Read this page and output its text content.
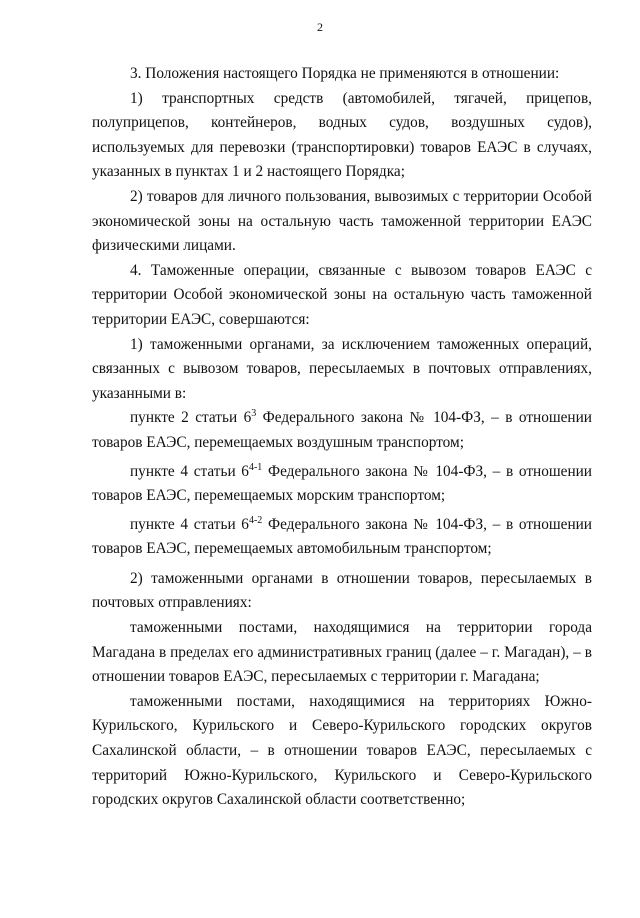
2

3. Положения настоящего Порядка не применяются в отношении:

1) транспортных средств (автомобилей, тягачей, прицепов, полуприцепов, контейнеров, водных судов, воздушных судов), используемых для перевозки (транспортировки) товаров ЕАЭС в случаях, указанных в пунктах 1 и 2 настоящего Порядка;

2) товаров для личного пользования, вывозимых с территории Особой экономической зоны на остальную часть таможенной территории ЕАЭС физическими лицами.

4. Таможенные операции, связанные с вывозом товаров ЕАЭС с территории Особой экономической зоны на остальную часть таможенной территории ЕАЭС, совершаются:

1) таможенными органами, за исключением таможенных операций, связанных с вывозом товаров, пересылаемых в почтовых отправлениях, указанными в:

пункте 2 статьи $6^3$ Федерального закона № 104-ФЗ, – в отношении товаров ЕАЭС, перемещаемых воздушным транспортом;

пункте 4 статьи 6$^{4-1}$ Федерального закона № 104-ФЗ, – в отношении товаров ЕАЭС, перемещаемых морским транспортом;

пункте 4 статьи 6$^{4-2}$ Федерального закона № 104-ФЗ, – в отношении товаров ЕАЭС, перемещаемых автомобильным транспортом;

2) таможенными органами в отношении товаров, пересылаемых в почтовых отправлениях:

таможенными постами, находящимися на территории города Магадана в пределах его административных границ (далее – г. Магадан), – в отношении товаров ЕАЭС, пересылаемых с территории г. Магадана;

таможенными постами, находящимися на территориях Южно-Курильского, Курильского и Северо-Курильского городских округов Сахалинской области, – в отношении товаров ЕАЭС, пересылаемых с территорий Южно-Курильского, Курильского и Северо-Курильского городских округов Сахалинской области соответственно;
